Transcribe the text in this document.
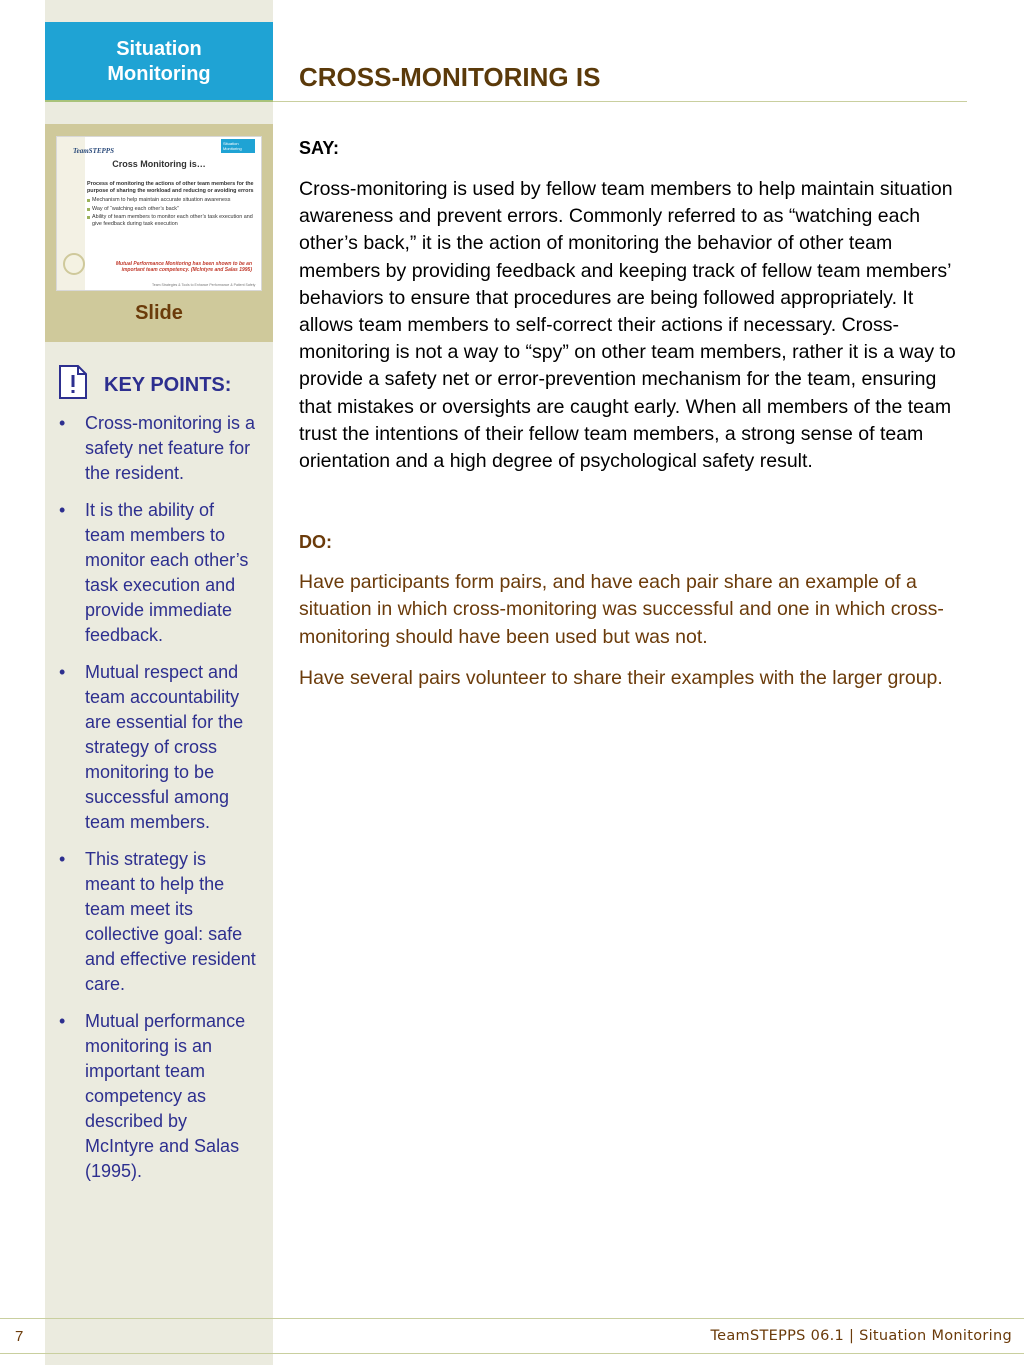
Situation
Monitoring	CROSS-MONITORING IS
TeamSTEPPS
Situation Monitoring
Cross Monitoring is…
Process of monitoring the actions of other team members for the purpose of sharing the workload and reducing or avoiding errors
Mechanism to help maintain accurate situation awareness
Way of “watching each other’s back”
Ability of team members to monitor each other’s task execution and give feedback during task execution
Mutual Performance Monitoring has been shown to be an important team competency. (McIntyre and Salas 1995)
Team Strategies & Tools to Enhance Performance & Patient Safety
Slide
KEY POINTS:
• Cross-monitoring is a safety net feature for the resident.
• It is the ability of team members to monitor each other’s task execution and provide immediate feedback.
• Mutual respect and team accountability are essential for the strategy of cross monitoring to be successful among team members.
• This strategy is meant to help the team meet its collective goal: safe and effective resident care.
• Mutual performance monitoring is an important team competency as described by McIntyre and Salas (1995).
SAY:

Cross-monitoring is used by fellow team members to help maintain situation awareness and prevent errors. Commonly referred to as “watching each other’s back,” it is the action of monitoring the behavior of other team members by providing feedback and keeping track of fellow team members’ behaviors to ensure that procedures are being followed appropriately. It allows team members to self-correct their actions if necessary. Cross-monitoring is not a way to “spy” on other team members, rather it is a way to provide a safety net or error-prevention mechanism for the team, ensuring that mistakes or oversights are caught early. When all members of the team trust the intentions of their fellow team members, a strong sense of team orientation and a high degree of psychological safety result.

DO:

Have participants form pairs, and have each pair share an example of a situation in which cross-monitoring was successful and one in which cross-monitoring should have been used but was not.

Have several pairs volunteer to share their examples with the larger group.

7	TeamSTEPPS 06.1 | Situation Monitoring
